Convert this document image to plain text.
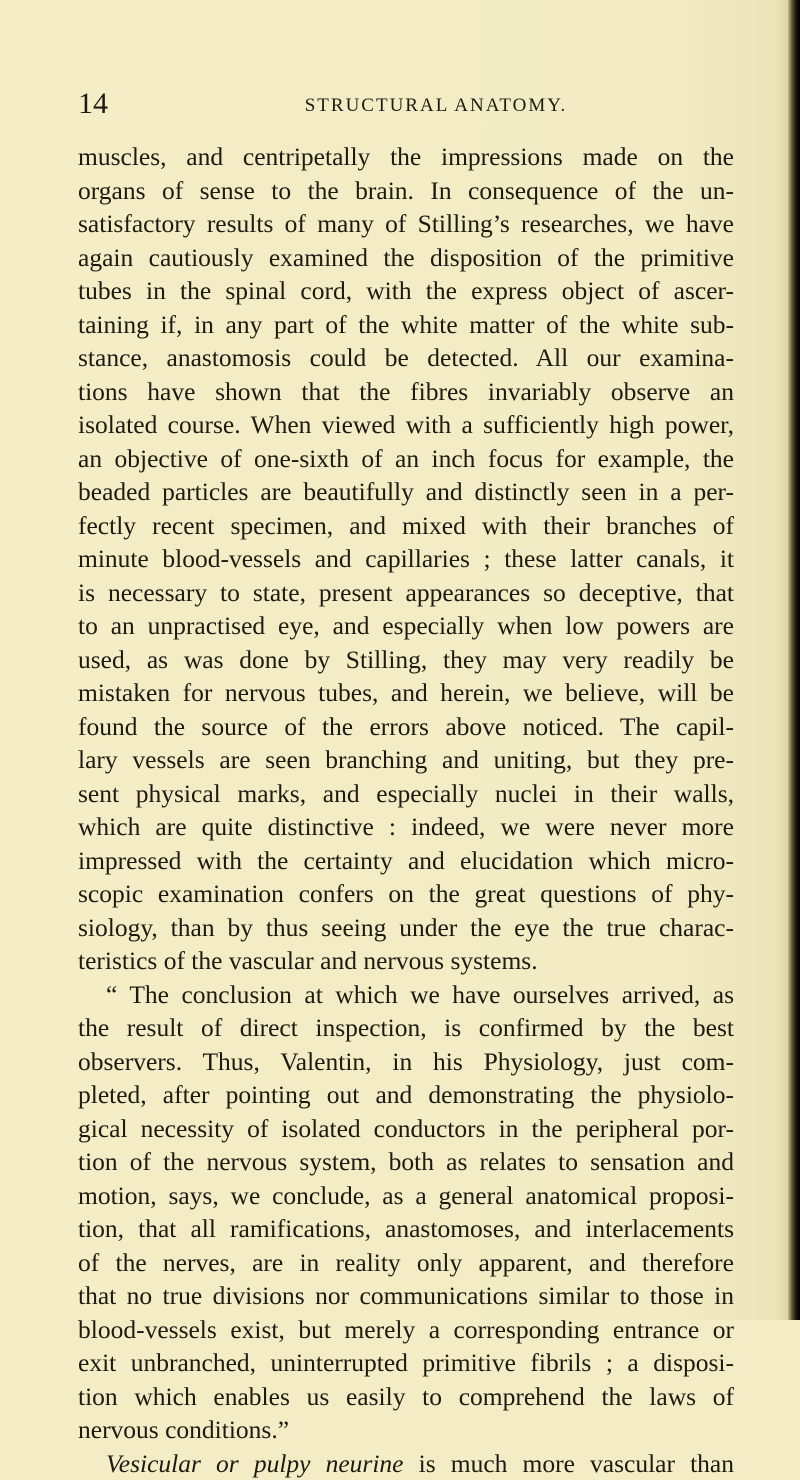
14	STRUCTURAL ANATOMY.
muscles, and centripetally the impressions made on the
organs of sense to the brain. In consequence of the un-
satisfactory results of many of Stilling’s researches, we have
again cautiously examined the disposition of the primitive
tubes in the spinal cord, with the express object of ascer-
taining if, in any part of the white matter of the white sub-
stance, anastomosis could be detected. All our examina-
tions have shown that the fibres invariably observe an
isolated course. When viewed with a sufficiently high power,
an objective of one-sixth of an inch focus for example, the
beaded particles are beautifully and distinctly seen in a per-
fectly recent specimen, and mixed with their branches of
minute blood-vessels and capillaries ; these latter canals, it
is necessary to state, present appearances so deceptive, that
to an unpractised eye, and especially when low powers are
used, as was done by Stilling, they may very readily be
mistaken for nervous tubes, and herein, we believe, will be
found the source of the errors above noticed. The capil-
lary vessels are seen branching and uniting, but they pre-
sent physical marks, and especially nuclei in their walls,
which are quite distinctive : indeed, we were never more
impressed with the certainty and elucidation which micro-
scopic examination confers on the great questions of phy-
siology, than by thus seeing under the eye the true charac-
teristics of the vascular and nervous systems.
“ The conclusion at which we have ourselves arrived, as
the result of direct inspection, is confirmed by the best
observers. Thus, Valentin, in his Physiology, just com-
pleted, after pointing out and demonstrating the physiolo-
gical necessity of isolated conductors in the peripheral por-
tion of the nervous system, both as relates to sensation and
motion, says, we conclude, as a general anatomical proposi-
tion, that all ramifications, anastomoses, and interlacements
of the nerves, are in reality only apparent, and therefore
that no true divisions nor communications similar to those in
blood-vessels exist, but merely a corresponding entrance or
exit unbranched, uninterrupted primitive fibrils ; a disposi-
tion which enables us easily to comprehend the laws of
nervous conditions.”
Vesicular or pulpy neurine is much more vascular than
